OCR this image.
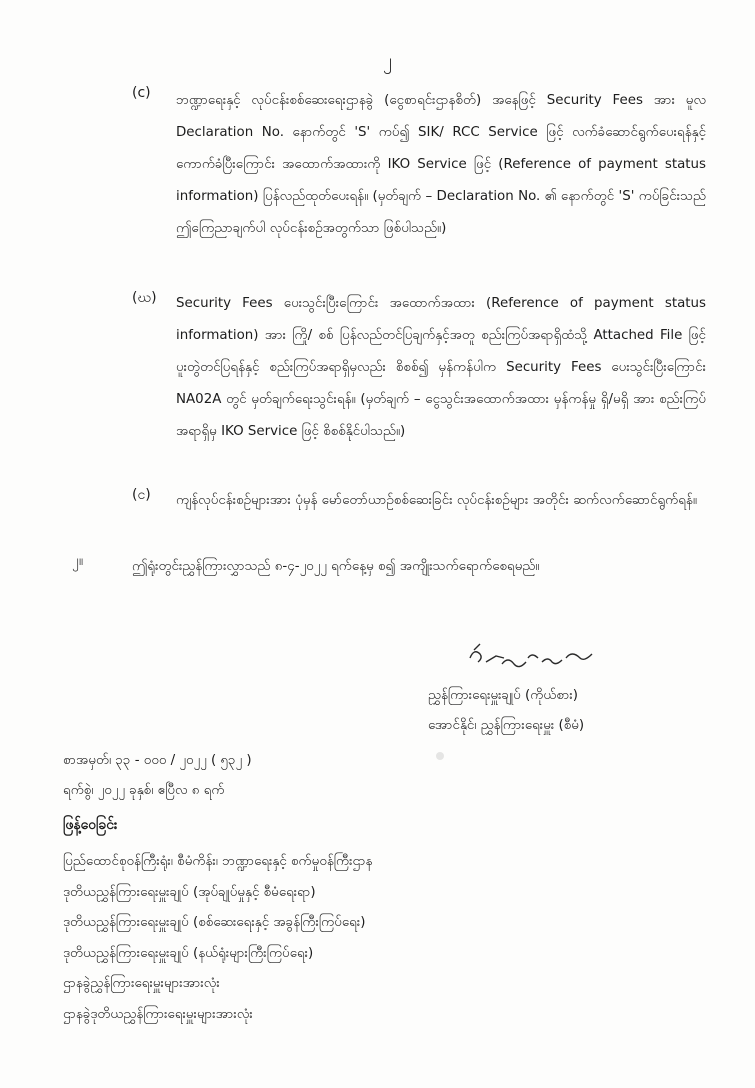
၂
(c)	ဘဏ္ဍာရေးနှင့် လုပ်ငန်းစစ်ဆေးရေးဌာနခွဲ (ငွေစာရင်းဌာနစိတ်) အနေဖြင့် Security Fees အား မူလ Declaration No. နောက်တွင် 'S' ကပ်၍ SIK/ RCC Service ဖြင့် လက်ခံဆောင်ရွက်ပေးရန်နှင့် ကောက်ခံပြီးကြောင်း အထောက်အထားကို IKO Service ဖြင့် (Reference of payment status information) ပြန်လည်ထုတ်ပေးရန်။ (မှတ်ချက် – Declaration No. ၏ နောက်တွင် 'S' ကပ်ခြင်းသည် ဤကြေညာချက်ပါ လုပ်ငန်းစဉ်အတွက်သာ ဖြစ်ပါသည်။)
(ဃ)	Security Fees ပေးသွင်းပြီးကြောင်း အထောက်အထား (Reference of payment status information) အား ကြို/ စစ် ပြန်လည်တင်ပြချက်နှင့်အတူ စည်းကြပ်အရာရှိထံသို့ Attached File ဖြင့် ပူးတွဲတင်ပြရန်နှင့် စည်းကြပ်အရာရှိမှလည်း စိစစ်၍ မှန်ကန်ပါက Security Fees ပေးသွင်းပြီးကြောင်း NA02A တွင် မှတ်ချက်ရေးသွင်းရန်။ (မှတ်ချက် – ငွေသွင်းအထောက်အထား မှန်ကန်မှု ရှိ/မရှိ အား စည်းကြပ်အရာရှိမှ IKO Service ဖြင့် စိစစ်နိုင်ပါသည်။)
(င)	ကျန်လုပ်ငန်းစဉ်များအား ပုံမှန် မော်တော်ယာဉ်စစ်ဆေးခြင်း လုပ်ငန်းစဉ်များ အတိုင်း ဆက်လက်ဆောင်ရွက်ရန်။
၂။	ဤရုံးတွင်းညွှန်ကြားလွှာသည် ၈-၄-၂၀၂၂ ရက်နေ့မှ စ၍ အကျိုးသက်ရောက်စေရမည်။
ညွှန်ကြားရေးမှူးချုပ် (ကိုယ်စား)
အောင်နိုင်၊ ညွှန်ကြားရေးမှူး (စီမံ)
စာအမှတ်၊ ၃၃ - ၀၀၀ / ၂၀၂၂ ( ၅၃၂ )
ရက်စွဲ၊ ၂၀၂၂ ခုနှစ်၊ ဧပြီလ ၈ ရက်
ဖြန့်ဝေခြင်း
ပြည်ထောင်စုဝန်ကြီးရုံး၊ စီမံကိန်း၊ ဘဏ္ဍာရေးနှင့် စက်မှုဝန်ကြီးဌာန
ဒုတိယညွှန်ကြားရေးမှူးချုပ် (အုပ်ချုပ်မှုနှင့် စီမံရေးရာ)
ဒုတိယညွှန်ကြားရေးမှူးချုပ် (စစ်ဆေးရေးနှင့် အခွန်ကြီးကြပ်ရေး)
ဒုတိယညွှန်ကြားရေးမှူးချုပ် (နယ်ရုံးများကြီးကြပ်ရေး)
ဌာနခွဲညွှန်ကြားရေးမှူးများအားလုံး
ဌာနခွဲဒုတိယညွှန်ကြားရေးမှူးများအားလုံး
